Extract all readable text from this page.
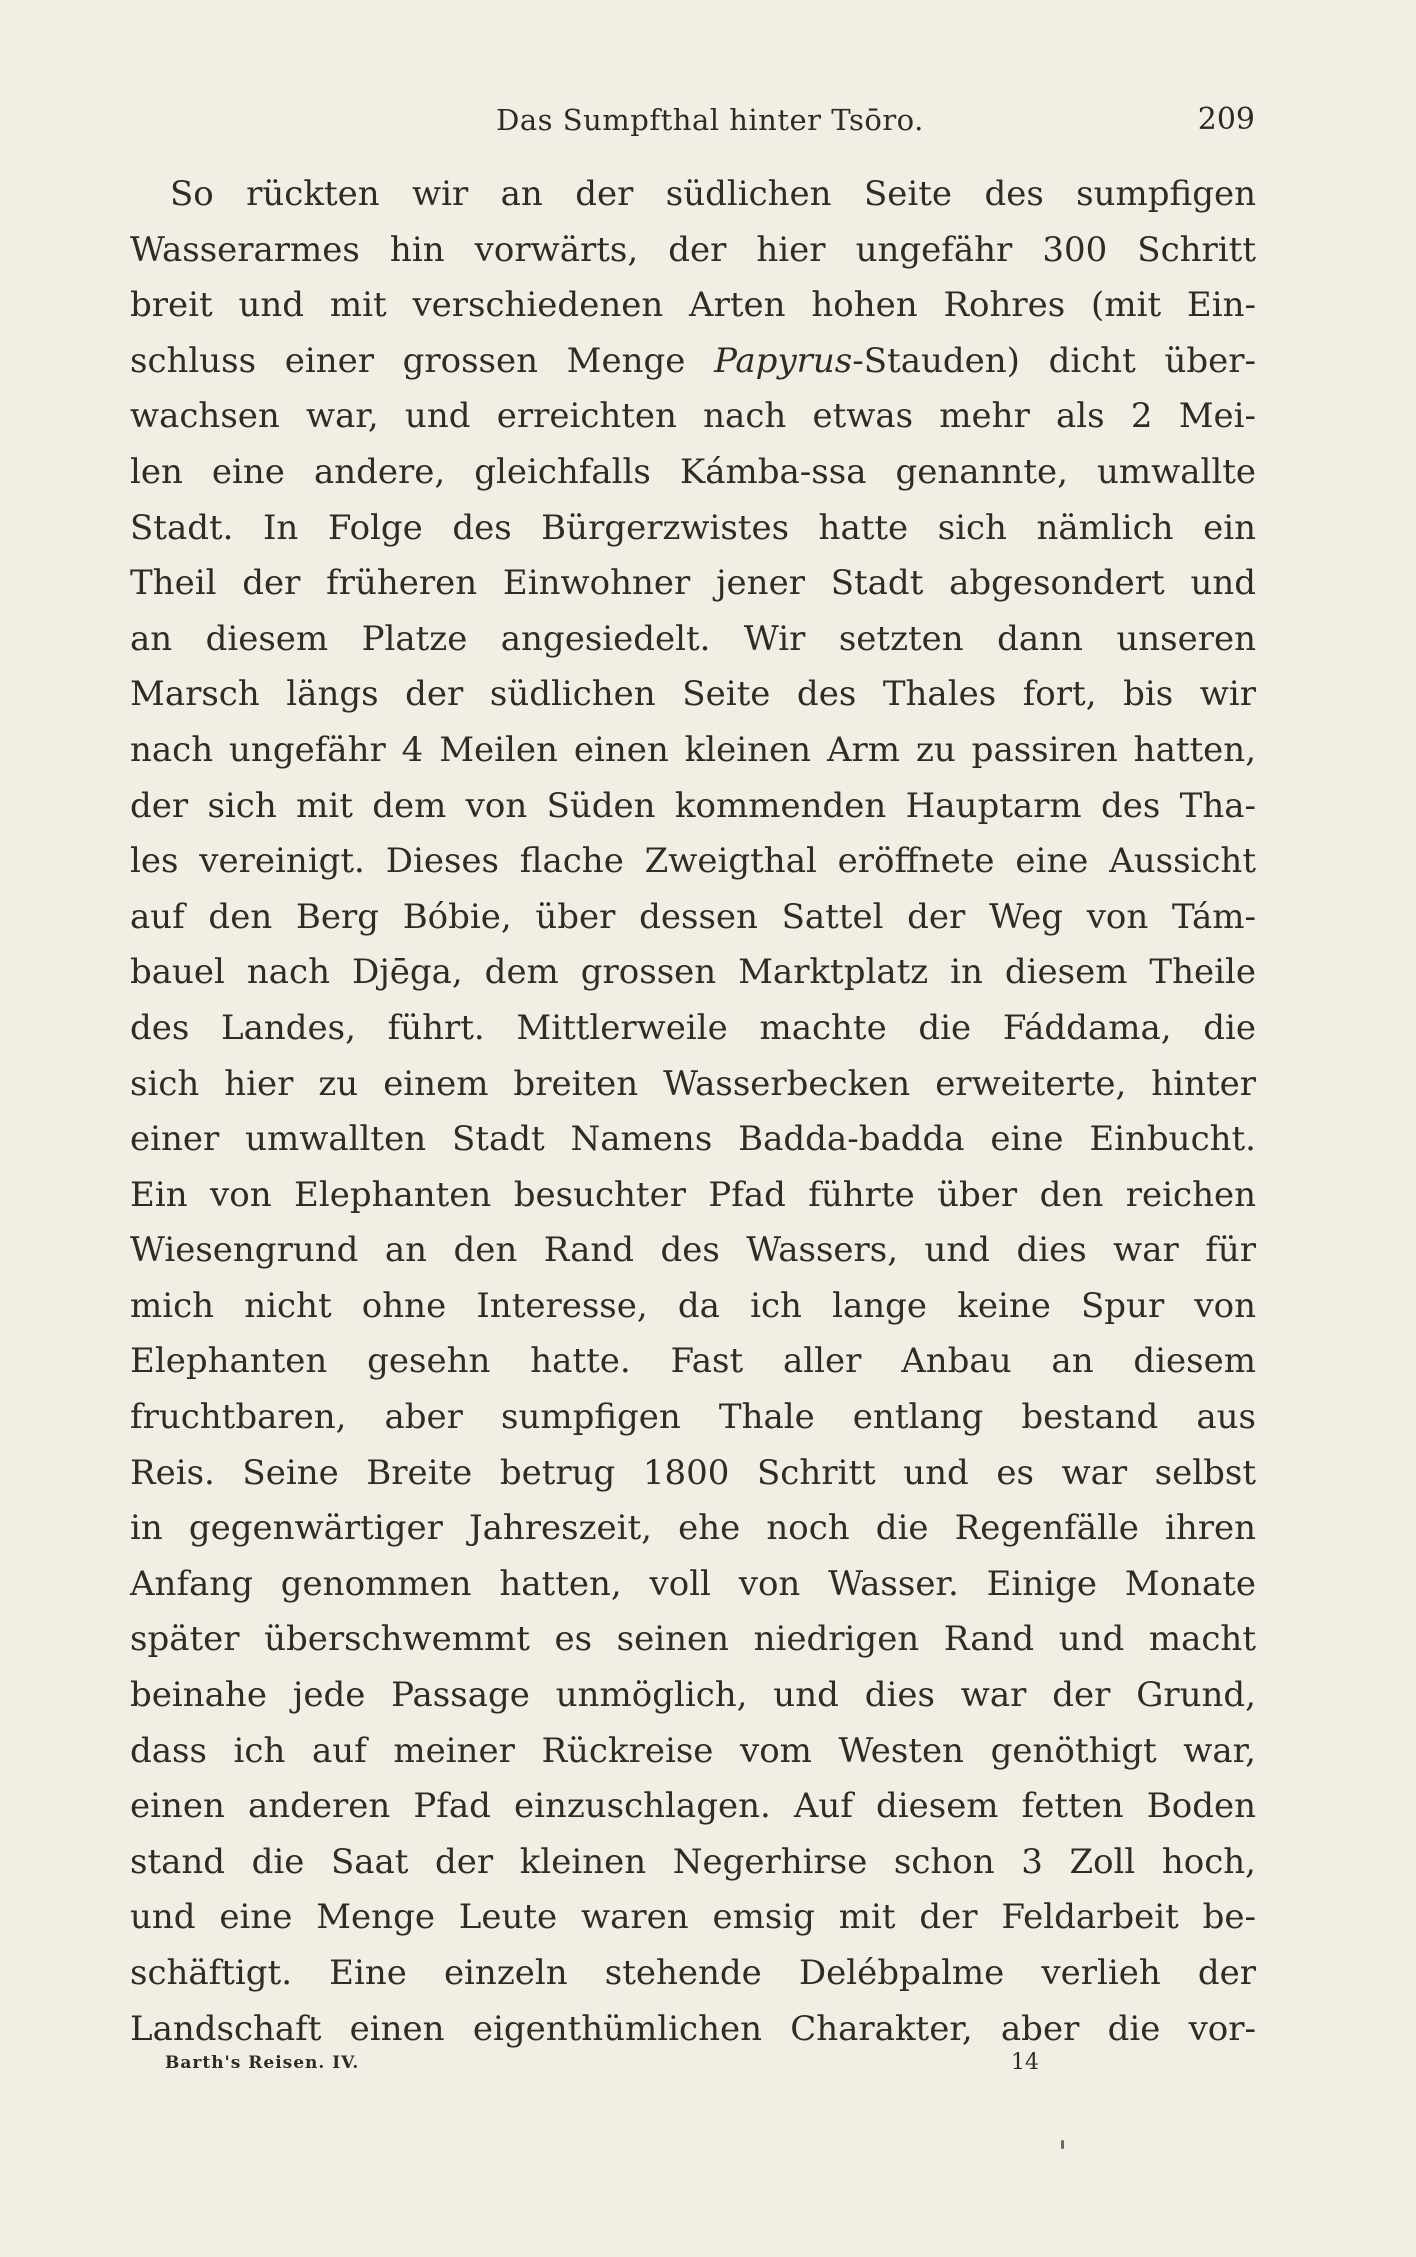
Das Sumpfthal hinter Tsōro.	209
So rückten wir an der südlichen Seite des sumpfigen
Wasserarmes hin vorwärts, der hier ungefähr 300 Schritt
breit und mit verschiedenen Arten hohen Rohres (mit Ein-
schluss einer grossen Menge Papyrus-Stauden) dicht über-
wachsen war, und erreichten nach etwas mehr als 2 Mei-
len eine andere, gleichfalls Kámba-ssa genannte, umwallte
Stadt. In Folge des Bürgerzwistes hatte sich nämlich ein
Theil der früheren Einwohner jener Stadt abgesondert und
an diesem Platze angesiedelt. Wir setzten dann unseren
Marsch längs der südlichen Seite des Thales fort, bis wir
nach ungefähr 4 Meilen einen kleinen Arm zu passiren hatten,
der sich mit dem von Süden kommenden Hauptarm des Tha-
les vereinigt. Dieses flache Zweigthal eröffnete eine Aussicht
auf den Berg Bóbie, über dessen Sattel der Weg von Tám-
bauel nach Djēga, dem grossen Marktplatz in diesem Theile
des Landes, führt. Mittlerweile machte die Fáddama, die
sich hier zu einem breiten Wasserbecken erweiterte, hinter
einer umwallten Stadt Namens Badda-badda eine Einbucht.
Ein von Elephanten besuchter Pfad führte über den reichen
Wiesengrund an den Rand des Wassers, und dies war für
mich nicht ohne Interesse, da ich lange keine Spur von
Elephanten gesehn hatte. Fast aller Anbau an diesem
fruchtbaren, aber sumpfigen Thale entlang bestand aus
Reis. Seine Breite betrug 1800 Schritt und es war selbst
in gegenwärtiger Jahreszeit, ehe noch die Regenfälle ihren
Anfang genommen hatten, voll von Wasser. Einige Monate
später überschwemmt es seinen niedrigen Rand und macht
beinahe jede Passage unmöglich, und dies war der Grund,
dass ich auf meiner Rückreise vom Westen genöthigt war,
einen anderen Pfad einzuschlagen. Auf diesem fetten Boden
stand die Saat der kleinen Negerhirse schon 3 Zoll hoch,
und eine Menge Leute waren emsig mit der Feldarbeit be-
schäftigt. Eine einzeln stehende Delébpalme verlieh der
Landschaft einen eigenthümlichen Charakter, aber die vor-
Barth's Reisen. IV.	14
